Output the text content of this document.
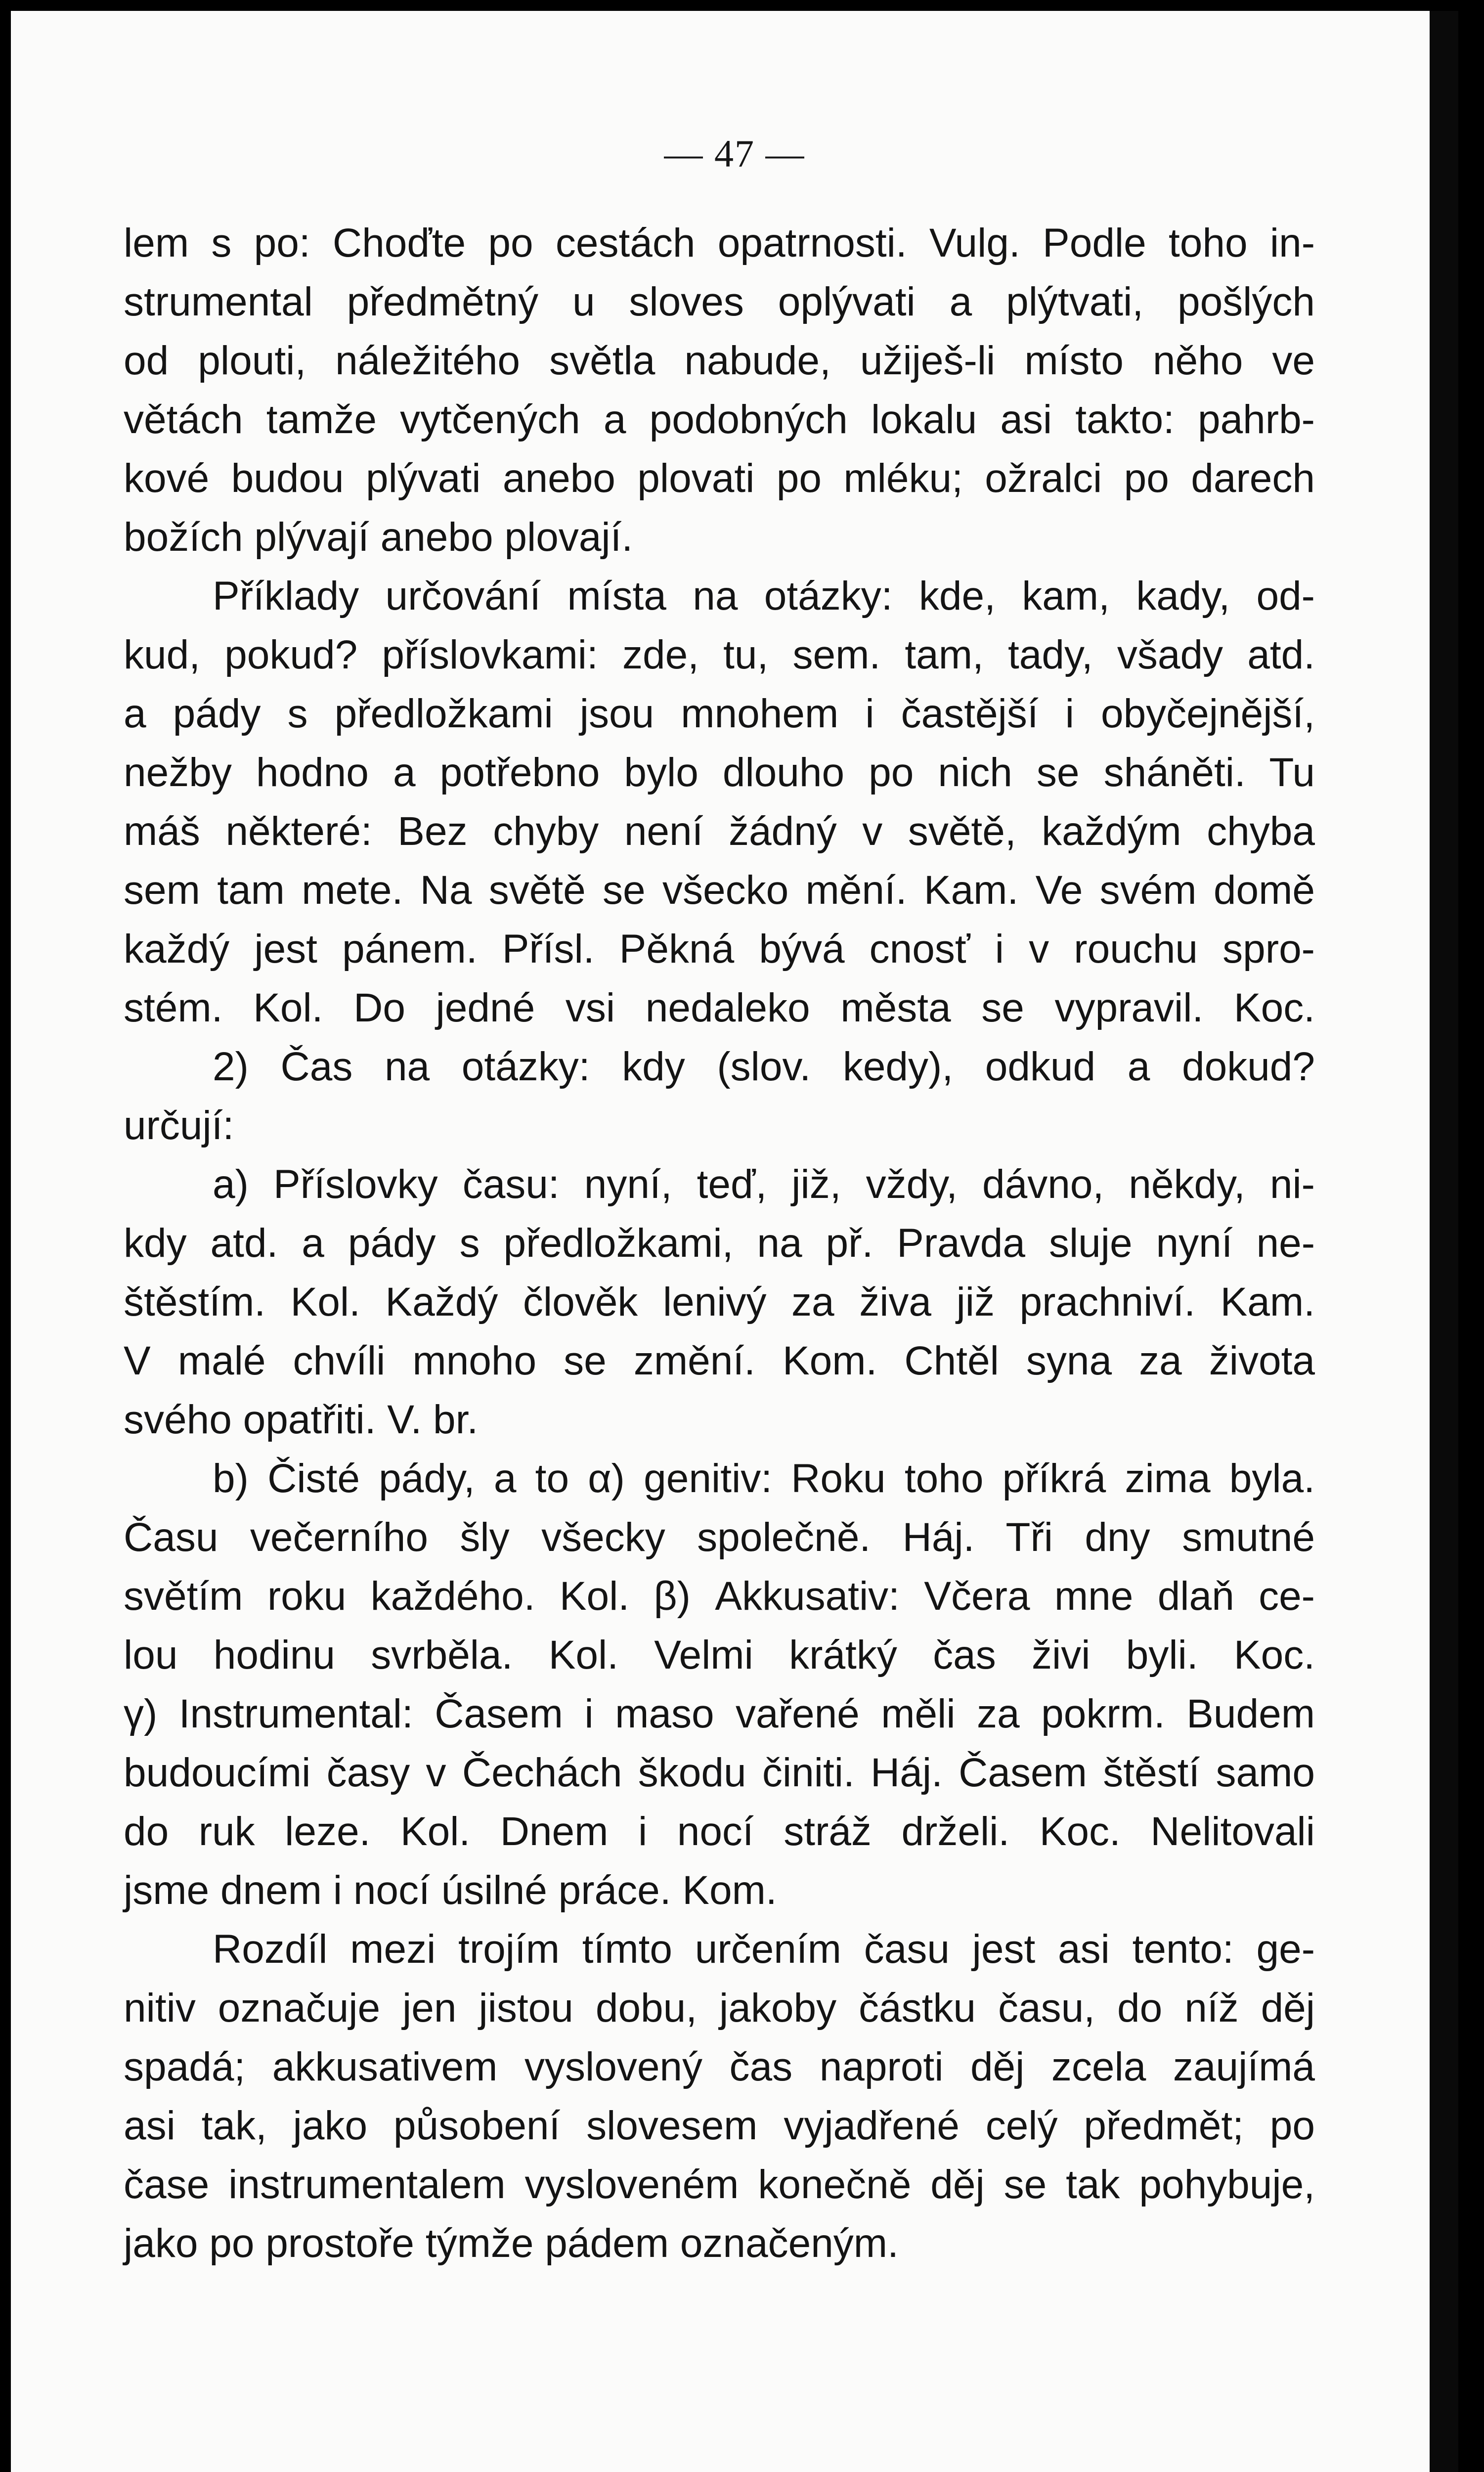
— 47 —
lem s po: Choďte po cestách opatrnosti. Vulg. Podle toho in-
strumental předmětný u sloves oplývati a plýtvati, pošlých
od plouti, náležitého světla nabude, užiješ-li místo něho ve
větách tamže vytčených a podobných lokalu asi takto: pahrb-
kové budou plývati anebo plovati po mléku; ožralci po darech
božích plývají anebo plovají.
Příklady určování místa na otázky: kde, kam, kady, od-
kud, pokud? příslovkami: zde, tu, sem. tam, tady, všady atd.
a pády s předložkami jsou mnohem i častější i obyčejnější,
nežby hodno a potřebno bylo dlouho po nich se sháněti. Tu
máš některé: Bez chyby není žádný v světě, každým chyba
sem tam mete. Na světě se všecko mění. Kam. Ve svém domě
každý jest pánem. Přísl. Pěkná bývá cnosť i v rouchu spro-
stém. Kol. Do jedné vsi nedaleko města se vypravil. Koc.
2) Čas na otázky: kdy (slov. kedy), odkud a dokud?
určují:
a) Příslovky času: nyní, teď, již, vždy, dávno, někdy, ni-
kdy atd. a pády s předložkami, na př. Pravda sluje nyní ne-
štěstím. Kol. Každý člověk lenivý za živa již prachniví. Kam.
V malé chvíli mnoho se změní. Kom. Chtěl syna za života
svého opatřiti. V. br.
b) Čisté pády, a to α) genitiv: Roku toho příkrá zima byla.
Času večerního šly všecky společně. Háj. Tři dny smutné
světím roku každého. Kol. β) Akkusativ: Včera mne dlaň ce-
lou hodinu svrběla. Kol. Velmi krátký čas živi byli. Koc.
γ) Instrumental: Časem i maso vařené měli za pokrm. Budem
budoucími časy v Čechách škodu činiti. Háj. Časem štěstí samo
do ruk leze. Kol. Dnem i nocí stráž drželi. Koc. Nelitovali
jsme dnem i nocí úsilné práce. Kom.
Rozdíl mezi trojím tímto určením času jest asi tento: ge-
nitiv označuje jen jistou dobu, jakoby částku času, do níž děj
spadá; akkusativem vyslovený čas naproti děj zcela zaujímá
asi tak, jako působení slovesem vyjadřené celý předmět; po
čase instrumentalem vysloveném konečně děj se tak pohybuje,
jako po prostoře týmže pádem označeným.
